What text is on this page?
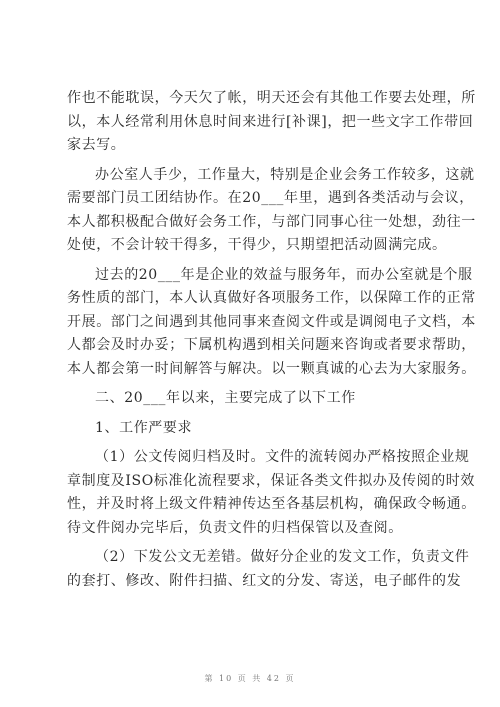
作也不能耽误，今天欠了帐，明天还会有其他工作要去处理，所
以，本人经常利用休息时间来进行[补课]，把一些文字工作带回
家去写。
办公室人手少，工作量大，特别是企业会务工作较多，这就
需要部门员工团结协作。在20___年里，遇到各类活动与会议，
本人都积极配合做好会务工作，与部门同事心往一处想，劲往一
处使，不会计较干得多，干得少，只期望把活动圆满完成。
过去的20___年是企业的效益与服务年，而办公室就是个服
务性质的部门，本人认真做好各项服务工作，以保障工作的正常
开展。部门之间遇到其他同事来查阅文件或是调阅电子文档，本
人都会及时办妥；下属机构遇到相关问题来咨询或者要求帮助，
本人都会第一时间解答与解决。以一颗真诚的心去为大家服务。
二、20___年以来，主要完成了以下工作
1、工作严要求
（1）公文传阅归档及时。文件的流转阅办严格按照企业规
章制度及ISO标准化流程要求，保证各类文件拟办及传阅的时效
性，并及时将上级文件精神传达至各基层机构，确保政令畅通。
待文件阅办完毕后，负责文件的归档保管以及查阅。
（2）下发公文无差错。做好分企业的发文工作，负责文件
的套打、修改、附件扫描、红文的分发、寄送，电子邮件的发
第 10 页 共 42 页
